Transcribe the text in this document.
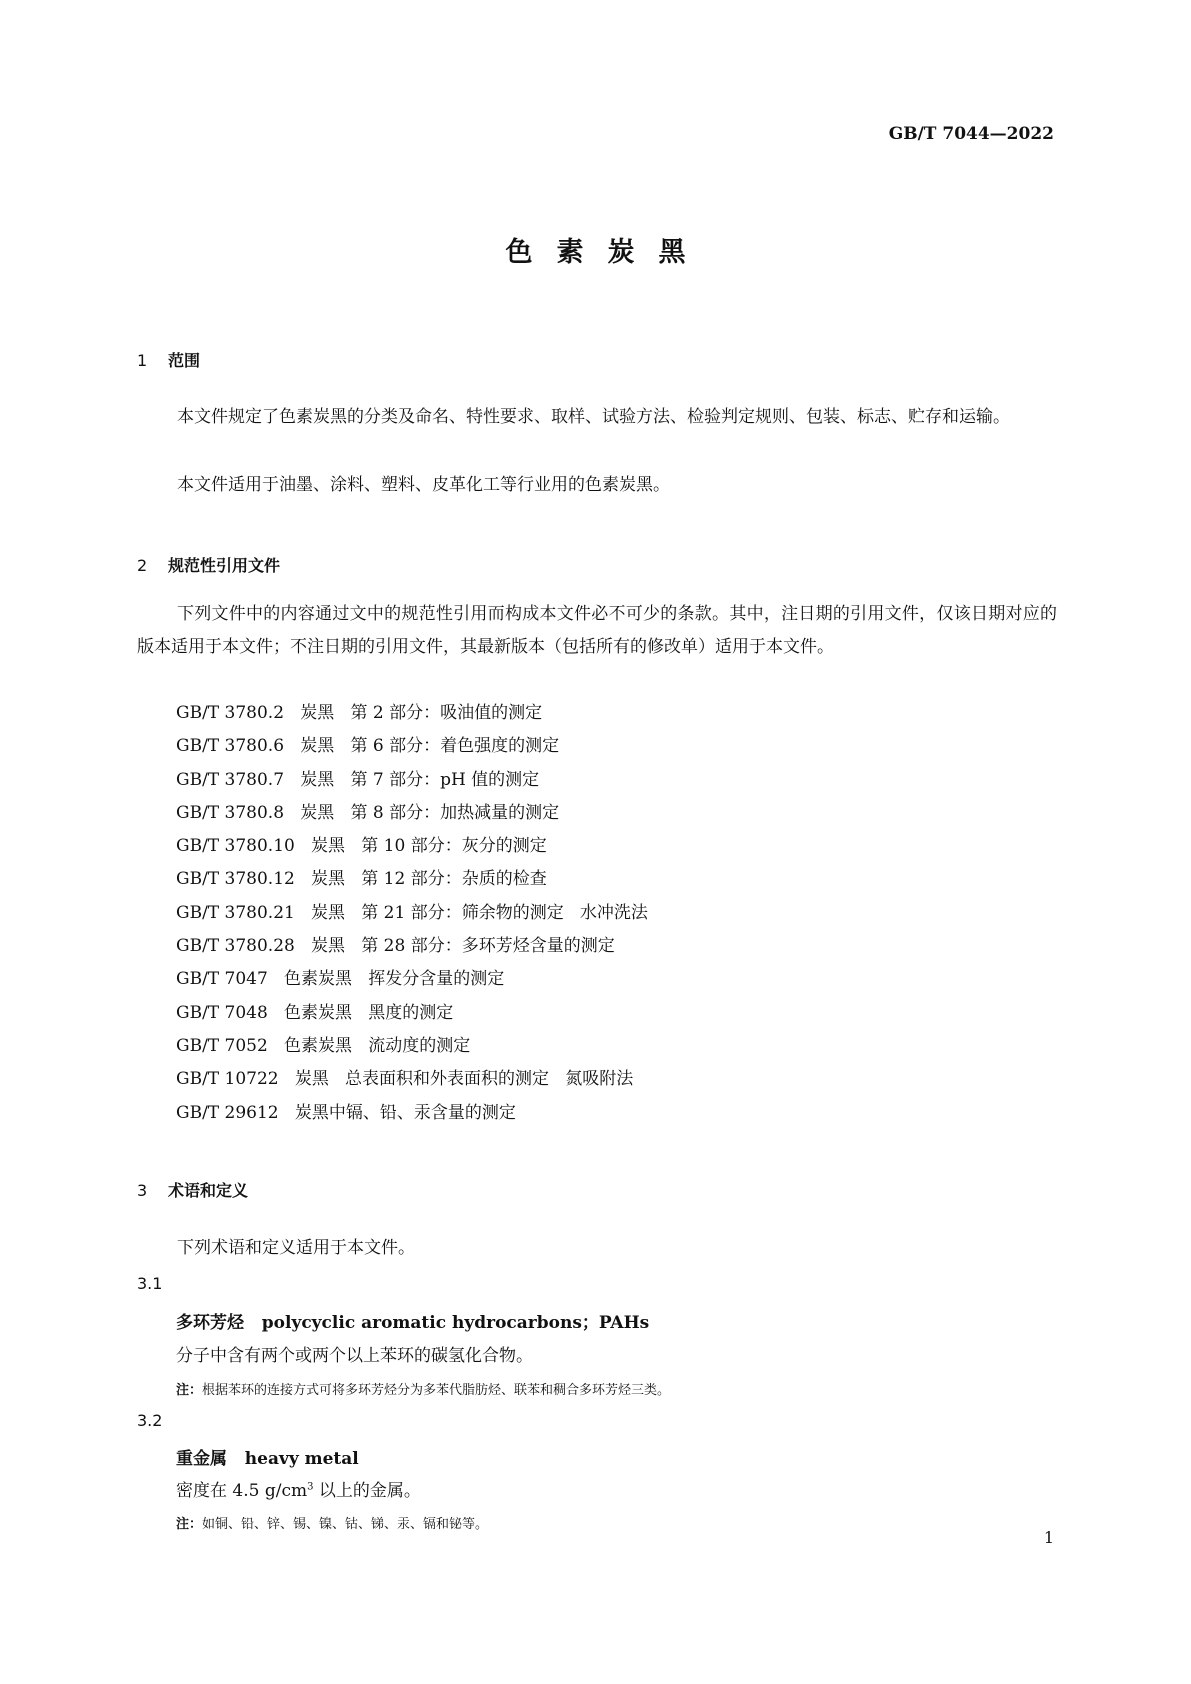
GB/T 7044—2022
色素炭黑
1 范围
本文件规定了色素炭黑的分类及命名、特性要求、取样、试验方法、检验判定规则、包装、标志、贮存和运输。
本文件适用于油墨、涂料、塑料、皮革化工等行业用的色素炭黑。
2 规范性引用文件
下列文件中的内容通过文中的规范性引用而构成本文件必不可少的条款。其中，注日期的引用文件，仅该日期对应的版本适用于本文件；不注日期的引用文件，其最新版本（包括所有的修改单）适用于本文件。
GB/T 3780.2   炭黑   第 2 部分：吸油值的测定
GB/T 3780.6   炭黑   第 6 部分：着色强度的测定
GB/T 3780.7   炭黑   第 7 部分：pH 值的测定
GB/T 3780.8   炭黑   第 8 部分：加热减量的测定
GB/T 3780.10   炭黑   第 10 部分：灰分的测定
GB/T 3780.12   炭黑   第 12 部分：杂质的检查
GB/T 3780.21   炭黑   第 21 部分：筛余物的测定   水冲洗法
GB/T 3780.28   炭黑   第 28 部分：多环芳烃含量的测定
GB/T 7047   色素炭黑   挥发分含量的测定
GB/T 7048   色素炭黑   黑度的测定
GB/T 7052   色素炭黑   流动度的测定
GB/T 10722   炭黑   总表面积和外表面积的测定   氮吸附法
GB/T 29612   炭黑中镉、铅、汞含量的测定
3 术语和定义
下列术语和定义适用于本文件。
3.1
多环芳烃 polycyclic aromatic hydrocarbons；PAHs
分子中含有两个或两个以上苯环的碳氢化合物。
注：根据苯环的连接方式可将多环芳烃分为多苯代脂肪烃、联苯和稠合多环芳烃三类。
3.2
重金属 heavy metal
密度在 4.5 $g/cm^3$ 以上的金属。
注：如铜、铅、锌、锡、镍、钴、锑、汞、镉和铋等。
1
